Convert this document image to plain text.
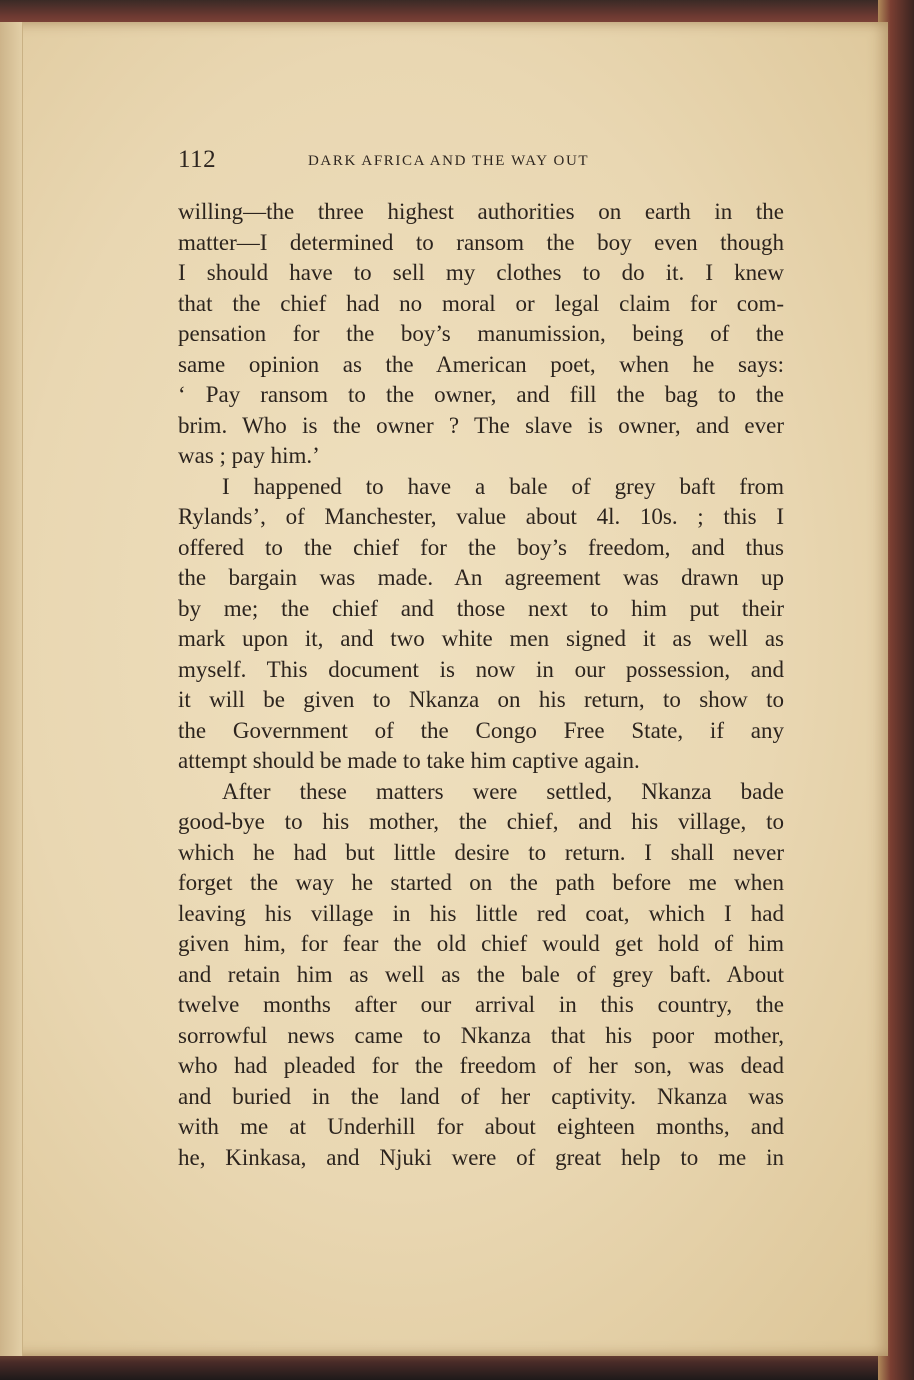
112	DARK AFRICA AND THE WAY OUT
willing—the three highest authorities on earth in the
matter—I determined to ransom the boy even though
I should have to sell my clothes to do it. I knew
that the chief had no moral or legal claim for com-
pensation for the boy’s manumission, being of the
same opinion as the American poet, when he says:
‘ Pay ransom to the owner, and fill the bag to the
brim. Who is the owner ? The slave is owner, and ever
was ; pay him.’
I happened to have a bale of grey baft from
Rylands’, of Manchester, value about 4l. 10s. ; this I
offered to the chief for the boy’s freedom, and thus
the bargain was made. An agreement was drawn up
by me; the chief and those next to him put their
mark upon it, and two white men signed it as well as
myself. This document is now in our possession, and
it will be given to Nkanza on his return, to show to
the Government of the Congo Free State, if any
attempt should be made to take him captive again.
After these matters were settled, Nkanza bade
good-bye to his mother, the chief, and his village, to
which he had but little desire to return. I shall never
forget the way he started on the path before me when
leaving his village in his little red coat, which I had
given him, for fear the old chief would get hold of him
and retain him as well as the bale of grey baft. About
twelve months after our arrival in this country, the
sorrowful news came to Nkanza that his poor mother,
who had pleaded for the freedom of her son, was dead
and buried in the land of her captivity. Nkanza was
with me at Underhill for about eighteen months, and
he, Kinkasa, and Njuki were of great help to me in
